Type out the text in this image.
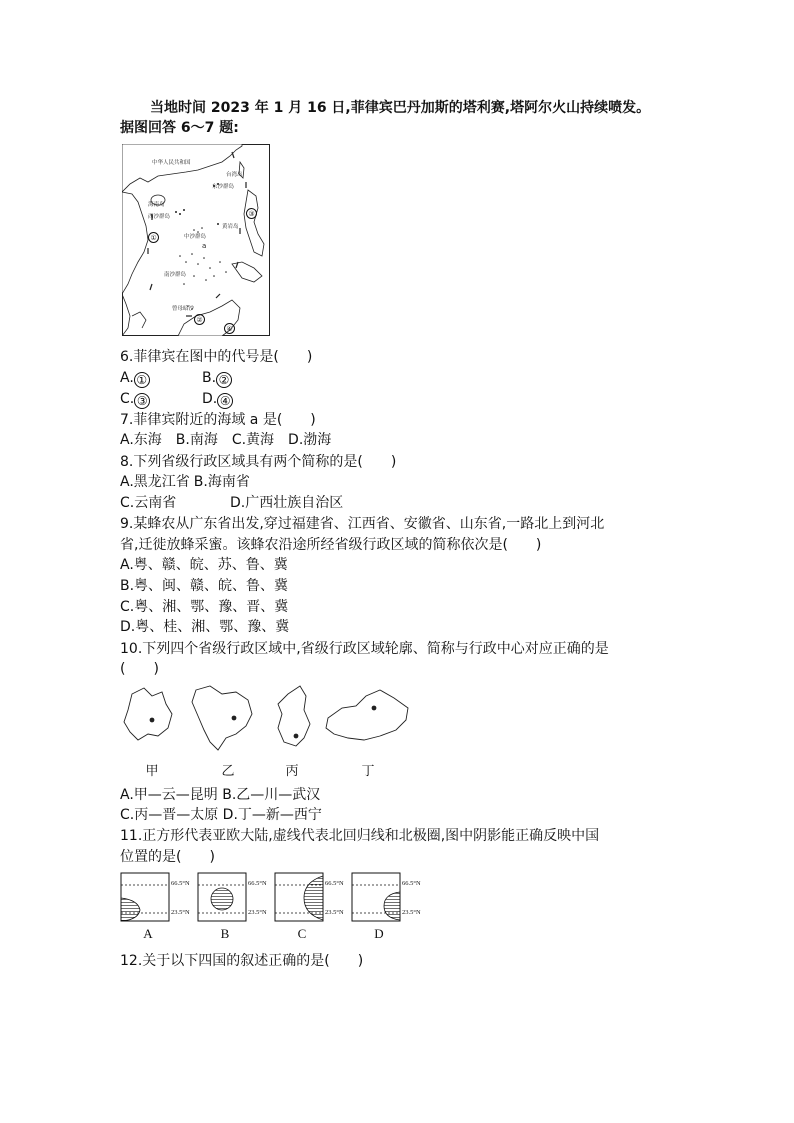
当地时间 2023 年 1 月 16 日,菲律宾巴丹加斯的塔利赛,塔阿尔火山持续喷发。
据图回答 6～7 题:
中华人民共和国
台湾岛
东沙群岛
海南岛
西沙群岛
黄岩岛
中沙群岛
南沙群岛
曾母暗沙
a
①
②
③
④
6.菲律宾在图中的代号是(　　)
A. ①	B. ②
C. ③	D. ④
7.菲律宾附近的海域 a 是(　　)
A.东海　B.南海　C.黄海　D.渤海
8.下列省级行政区域具有两个简称的是(　　)
A.黑龙江省 B.海南省
C.云南省	D.广西壮族自治区
9.某蜂农从广东省出发,穿过福建省、江西省、安徽省、山东省,一路北上到河北
省,迁徙放蜂采蜜。该蜂农沿途所经省级行政区域的简称依次是(　　)
A.粤、赣、皖、苏、鲁、冀
B.粤、闽、赣、皖、鲁、冀
C.粤、湘、鄂、豫、晋、冀
D.粤、桂、湘、鄂、豫、冀
10.下列四个省级行政区域中,省级行政区域轮廓、简称与行政中心对应正确的是
(　　)
甲	乙	丙	丁
A.甲—云—昆明 B.乙—川—武汉
C.丙—晋—太原 D.丁—新—西宁
11.正方形代表亚欧大陆,虚线代表北回归线和北极圈,图中阴影能正确反映中国
位置的是(　　)
66.5°N
23.5°N
66.5°N
23.5°N
66.5°N
23.5°N
66.5°N
23.5°N
A	B	C	D
12.关于以下四国的叙述正确的是(　　)
